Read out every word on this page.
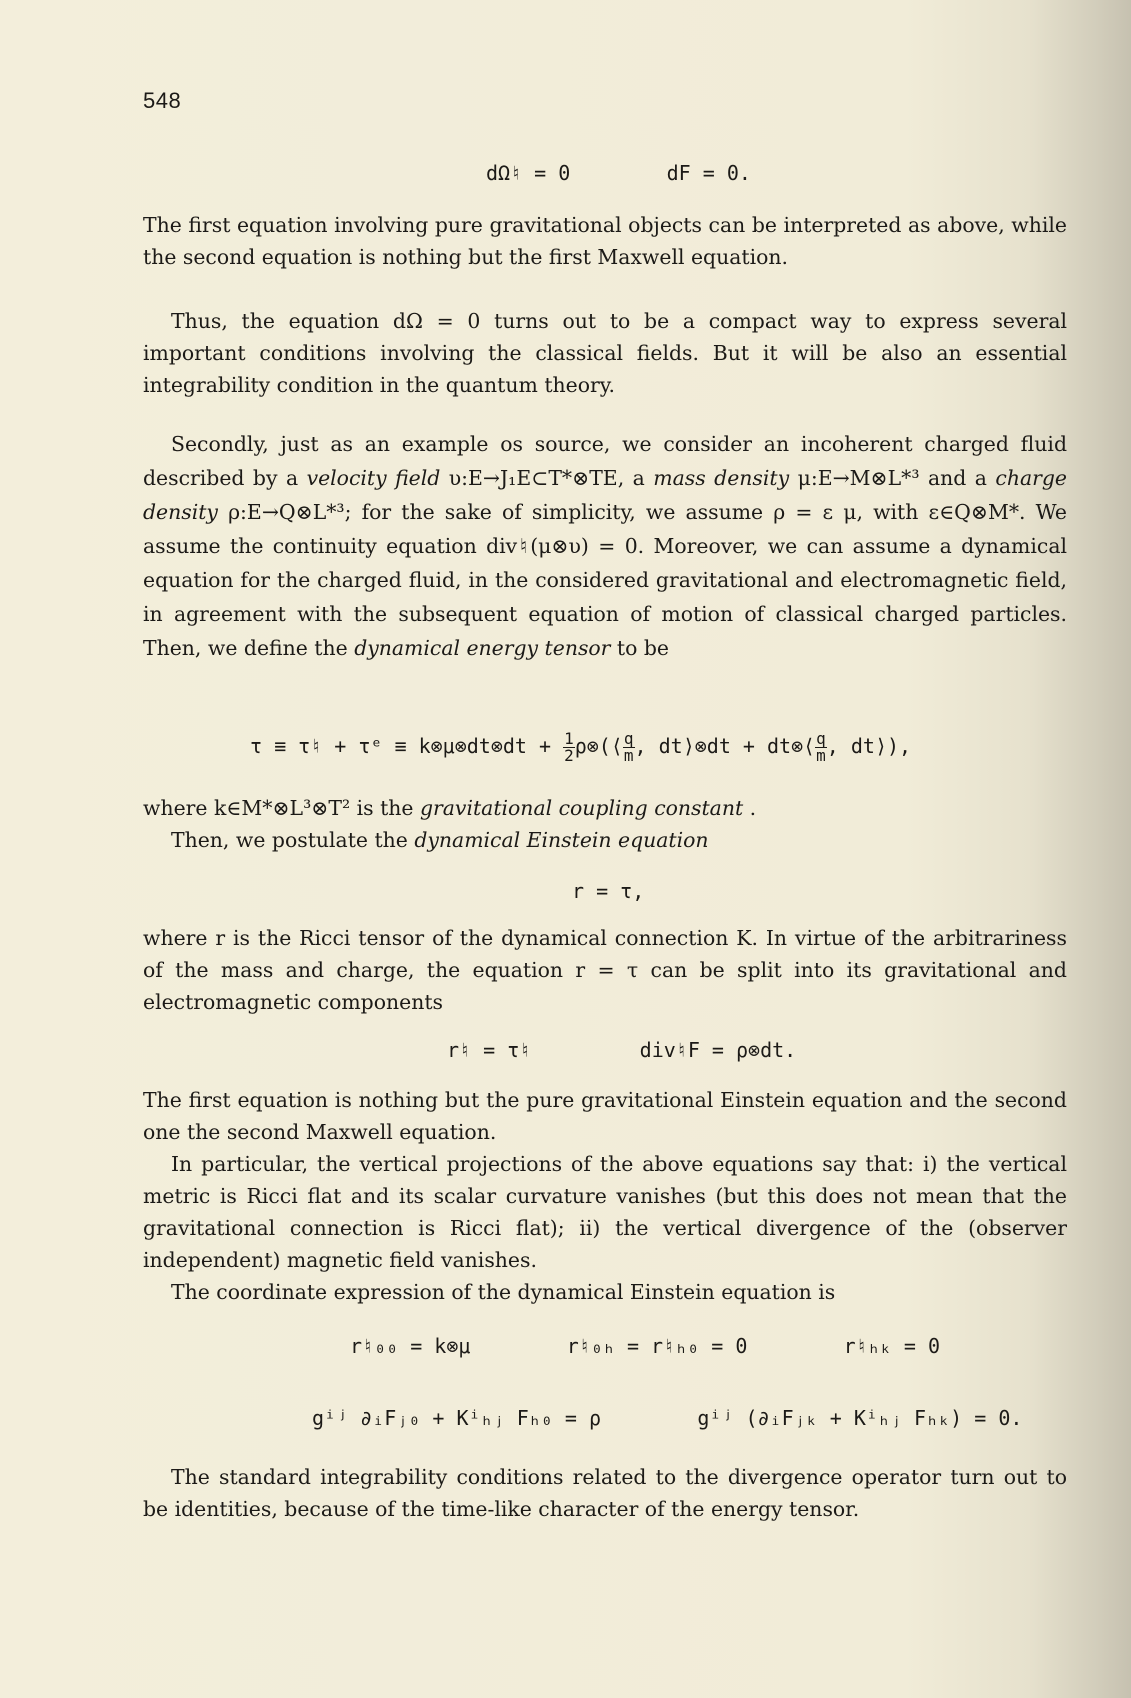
548
dΩ♮ = 0        dF = 0.

The first equation involving pure gravitational objects can be interpreted as above, while the second equation is nothing but the first Maxwell equation.

Thus, the equation dΩ = 0 turns out to be a compact way to express several important conditions involving the classical fields. But it will be also an essential integrability condition in the quantum theory.

Secondly, just as an example os source, we consider an incoherent charged fluid described by a velocity field υ:E→J₁E⊂T*⊗TE, a mass density μ:E→M⊗L*³ and a charge density ρ:E→Q⊗L*³; for the sake of simplicity, we assume ρ = ε μ, with ε∈Q⊗M*. We assume the continuity equation div♮(μ⊗υ) = 0. Moreover, we can assume a dynamical equation for the charged fluid, in the considered gravitational and electromagnetic field, in agreement with the subsequent equation of motion of classical charged particles. Then, we define the dynamical energy tensor to be

τ ≡ τ♮ + τᵉ ≡ k⊗μ⊗dt⊗dt + $\frac{1}{2}$ ρ⊗(⟨ $\frac{q}{m}$ , dt⟩⊗dt + dt⊗⟨ $\frac{q}{m}$ , dt⟩),

where k∈M*⊗L³⊗T² is the gravitational coupling constant .

Then, we postulate the dynamical Einstein equation

r = τ,

where r is the Ricci tensor of the dynamical connection K. In virtue of the arbitrariness of the mass and charge, the equation r = τ can be split into its gravitational and electromagnetic components

r♮ = τ♮         div♮F = ρ⊗dt.

The first equation is nothing but the pure gravitational Einstein equation and the second one the second Maxwell equation.

In particular, the vertical projections of the above equations say that: i) the vertical metric is Ricci flat and its scalar curvature vanishes (but this does not mean that the gravitational connection is Ricci flat); ii) the vertical divergence of the (observer independent) magnetic field vanishes.

The coordinate expression of the dynamical Einstein equation is

r♮₀₀ = k⊗μ        r♮₀ₕ = r♮ₕ₀ = 0        r♮ₕₖ = 0
gⁱʲ ∂ᵢFⱼ₀ + Kⁱₕⱼ Fₕ₀ = ρ        gⁱʲ (∂ᵢFⱼₖ + Kⁱₕⱼ Fₕₖ) = 0.

The standard integrability conditions related to the divergence operator turn out to be identities, because of the time-like character of the energy tensor.
